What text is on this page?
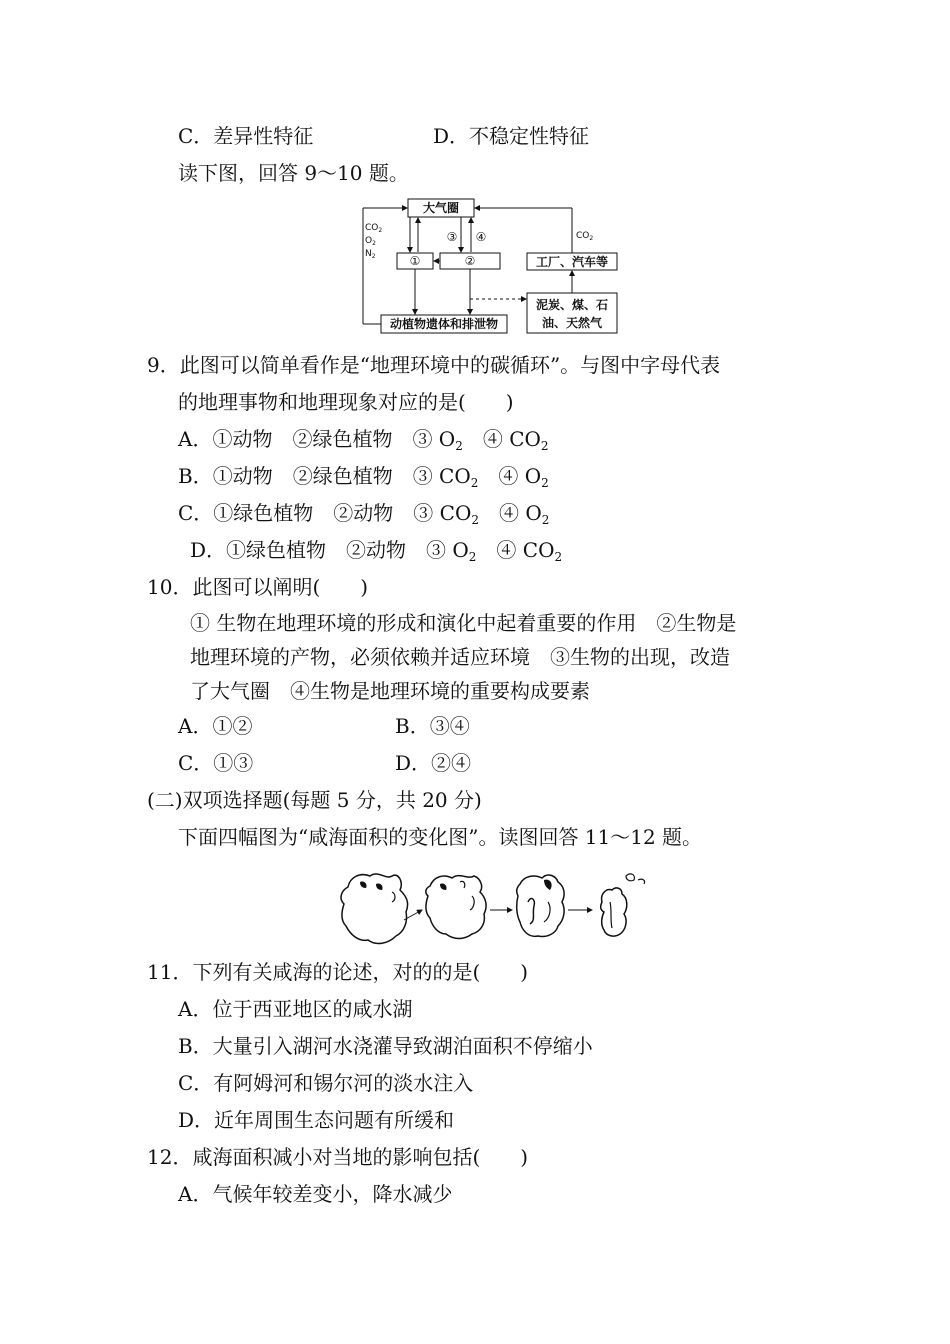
C．差异性特征	D．不稳定性特征
读下图，回答 9～10 题。
大气圈
①	②	工厂、汽车等
泥炭、煤、石
油、天然气
动植物遗体和排泄物
$CO_2$
$O_2$
$N_2$
③ ④	$CO_2$
9．此图可以简单看作是“地理环境中的碳循环”。与图中字母代表
的地理事物和地理现象对应的是(　　)
A．①动物　②绿色植物　③ $O_2$　④ $CO_2$
B．①动物　②绿色植物　③ $CO_2$　④ $O_2$
C．①绿色植物　②动物　③ $CO_2$　④ $O_2$
D．①绿色植物　②动物　③ $O_2$　④ $CO_2$
10．此图可以阐明(　　)
① 生物在地理环境的形成和演化中起着重要的作用　②生物是
地理环境的产物，必须依赖并适应环境　③生物的出现，改造
了大气圈　④生物是地理环境的重要构成要素
A．①②	B．③④
C．①③	D．②④
(二)双项选择题(每题 5 分，共 20 分)
下面四幅图为“咸海面积的变化图”。读图回答 11～12 题。
11．下列有关咸海的论述，对的的是(　　)
A．位于西亚地区的咸水湖
B．大量引入湖河水浇灌导致湖泊面积不停缩小
C．有阿姆河和锡尔河的淡水注入
D．近年周围生态问题有所缓和
12．咸海面积减小对当地的影响包括(　　)
A．气候年较差变小，降水减少
